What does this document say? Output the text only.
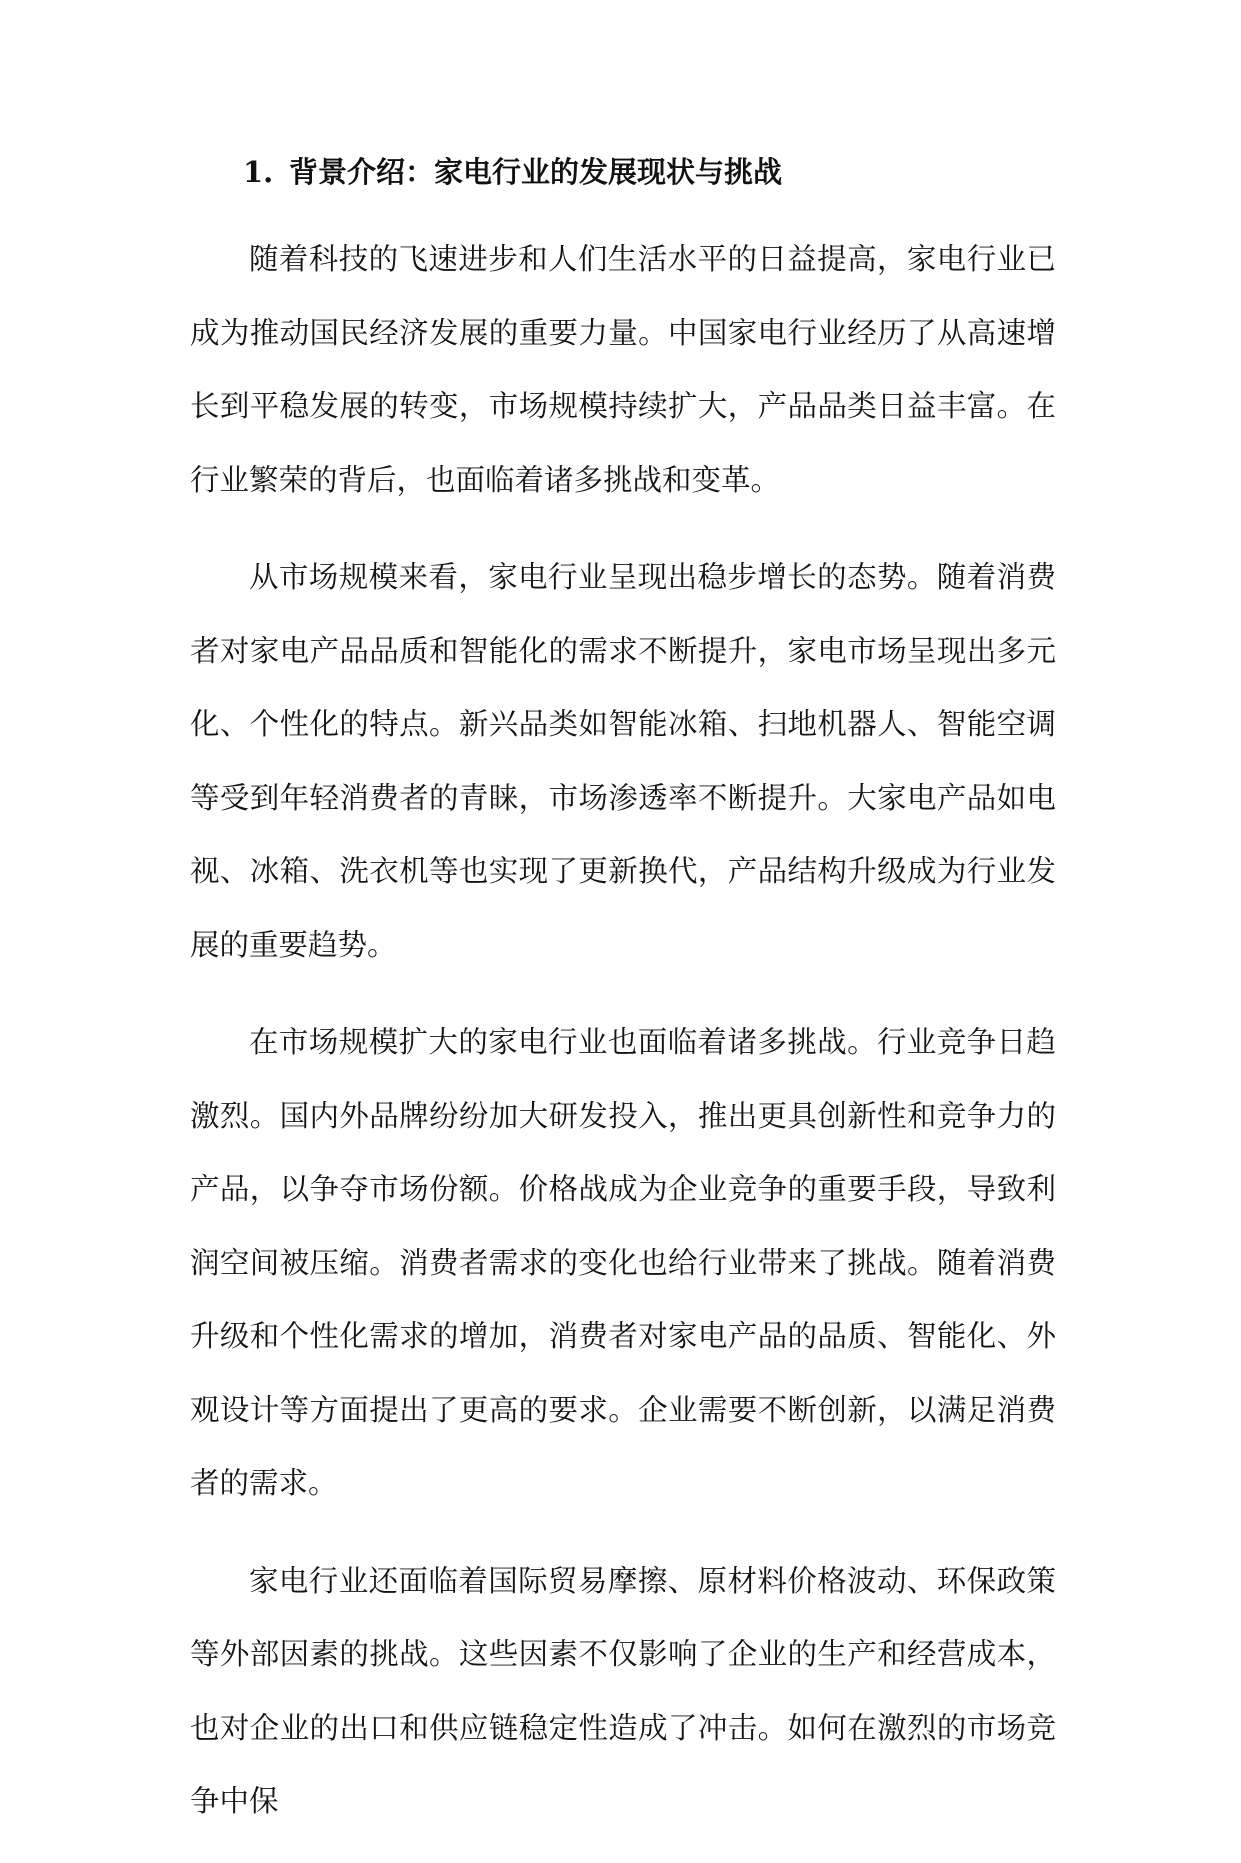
1. 背景介绍：家电行业的发展现状与挑战

随着科技的飞速进步和人们生活水平的日益提高，家电行业已成为推动国民经济发展的重要力量。中国家电行业经历了从高速增长到平稳发展的转变，市场规模持续扩大，产品品类日益丰富。在行业繁荣的背后，也面临着诸多挑战和变革。

从市场规模来看，家电行业呈现出稳步增长的态势。随着消费者对家电产品品质和智能化的需求不断提升，家电市场呈现出多元化、个性化的特点。新兴品类如智能冰箱、扫地机器人、智能空调等受到年轻消费者的青睐，市场渗透率不断提升。大家电产品如电视、冰箱、洗衣机等也实现了更新换代，产品结构升级成为行业发展的重要趋势。

在市场规模扩大的家电行业也面临着诸多挑战。行业竞争日趋激烈。国内外品牌纷纷加大研发投入，推出更具创新性和竞争力的产品，以争夺市场份额。价格战成为企业竞争的重要手段，导致利润空间被压缩。消费者需求的变化也给行业带来了挑战。随着消费升级和个性化需求的增加，消费者对家电产品的品质、智能化、外观设计等方面提出了更高的要求。企业需要不断创新，以满足消费者的需求。

家电行业还面临着国际贸易摩擦、原材料价格波动、环保政策等外部因素的挑战。这些因素不仅影响了企业的生产和经营成本，也对企业的出口和供应链稳定性造成了冲击。如何在激烈的市场竞争中保
